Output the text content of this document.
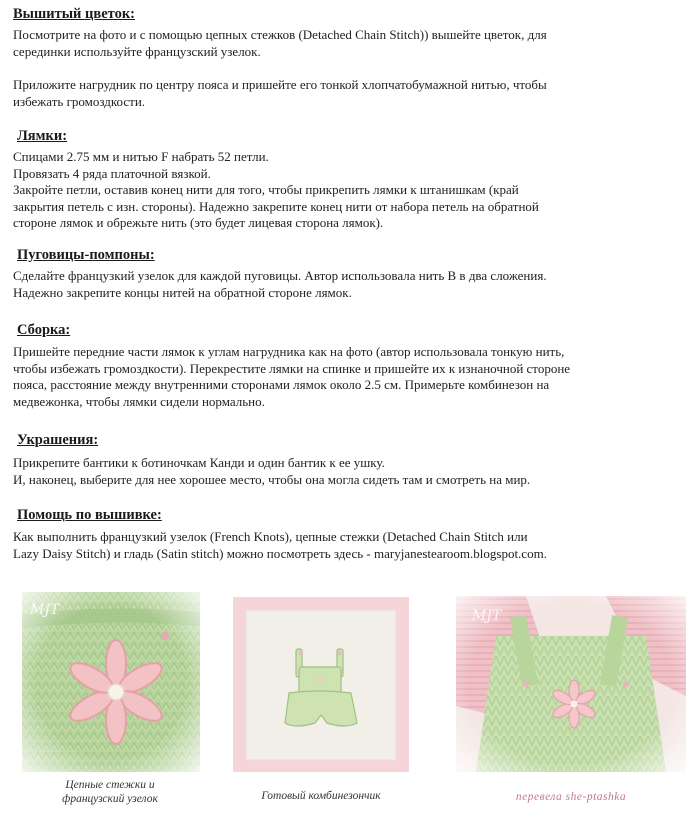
Вышитый цветок:
Посмотрите на фото и с помощью цепных стежков (Detached Chain Stitch)) вышейте цветок, для
серединки используйте французский узелок.
Приложите нагрудник по центру пояса и пришейте его тонкой хлопчатобумажной нитью, чтобы
избежать громоздкости.
Лямки:
Спицами 2.75 мм и нитью F набрать 52 петли.
Провязать 4 ряда платочной вязкой.
Закройте петли, оставив конец нити для того, чтобы прикрепить лямки к штанишкам (край
закрытия петель с изн. стороны). Надежно закрепите конец нити от набора петель на обратной
стороне лямок и обрежьте нить (это будет лицевая сторона лямок).
Пуговицы-помпоны:
Сделайте французкий узелок для каждой пуговицы. Автор использовала нить В в два сложения.
Надежно закрепите концы нитей на обратной стороне лямок.
Сборка:
Пришейте передние части лямок к углам нагрудника как на фото (автор использовала тонкую нить,
чтобы избежать громоздкости). Перекрестите лямки на спинке и пришейте их к изнаночной стороне
пояса, расстояние между внутренними сторонами лямок около 2.5 см. Примерьте комбинезон на
медвежонка, чтобы лямки сидели нормально.
Украшения:
Прикрепите бантики к ботиночкам Канди и один бантик к ее ушку.
И, наконец, выберите для нее хорошее место, чтобы она могла сидеть там и смотреть на мир.
Помощь по вышивке:
Как выполнить французкий узелок (French Knots), цепные стежки (Detached Chain Stitch или
Lazy Daisy Stitch) и гладь (Satin stitch) можно посмотреть здесь - maryjanestearoom.blogspot.com.
MJT
Цепные стежки и
французский узелок	Готовый комбинезончик
MJT
перевела she-ptashka
